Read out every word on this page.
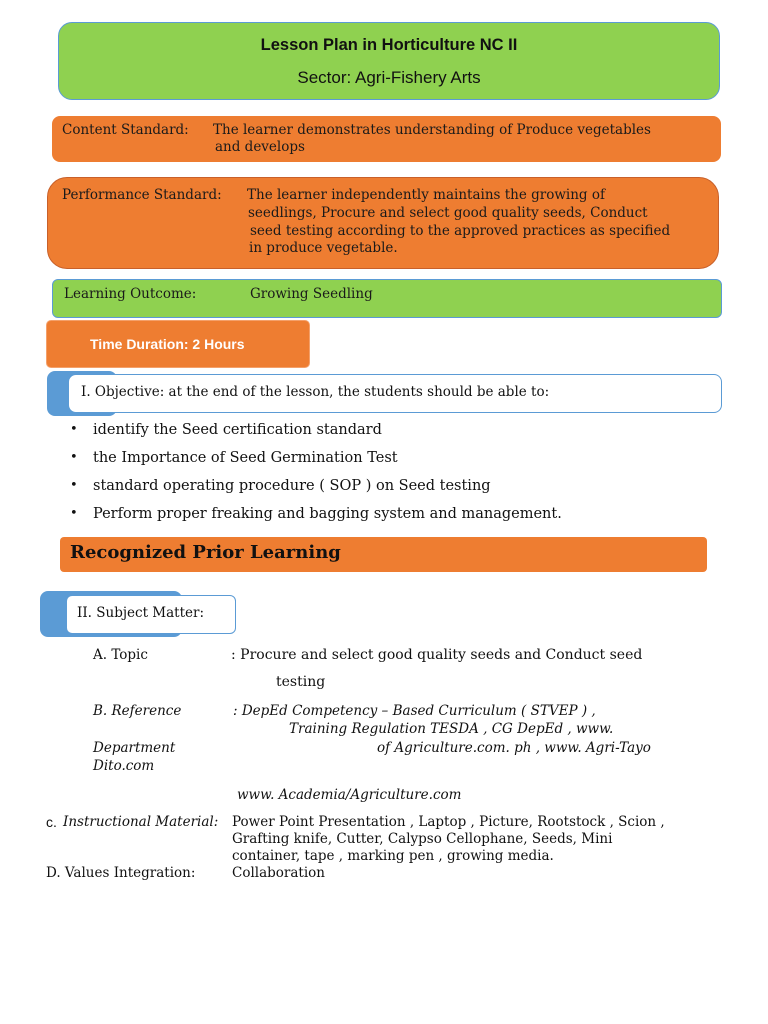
Lesson Plan in Horticulture NC II
Sector: Agri-Fishery Arts
Content Standard: The learner demonstrates understanding of Produce vegetables
and develops
Performance Standard: The learner independently maintains the growing of
seedlings, Procure and select good quality seeds, Conduct
seed testing according to the approved practices as specified
in produce vegetable.
Learning Outcome:	Growing Seedling
Time Duration: 2 Hours
I. Objective: at the end of the lesson, the students should be able to:
• identify the Seed certification standard
• the Importance of Seed Germination Test
• standard operating procedure ( SOP ) on Seed testing
• Perform proper freaking and bagging system and management.
Recognized Prior Learning
II. Subject Matter:
A. Topic	: Procure and select good quality seeds and Conduct seed
testing
B. Reference	: DepEd Competency – Based Curriculum ( STVEP ) ,
Training Regulation TESDA , CG DepEd , www.
Department	of Agriculture.com. ph , www. Agri-Tayo
Dito.com
www. Academia/Agriculture.com
c. Instructional Material: Power Point Presentation , Laptop , Picture, Rootstock , Scion ,
Grafting knife, Cutter, Calypso Cellophane, Seeds, Mini
container, tape , marking pen , growing media.
D. Values Integration:	Collaboration
